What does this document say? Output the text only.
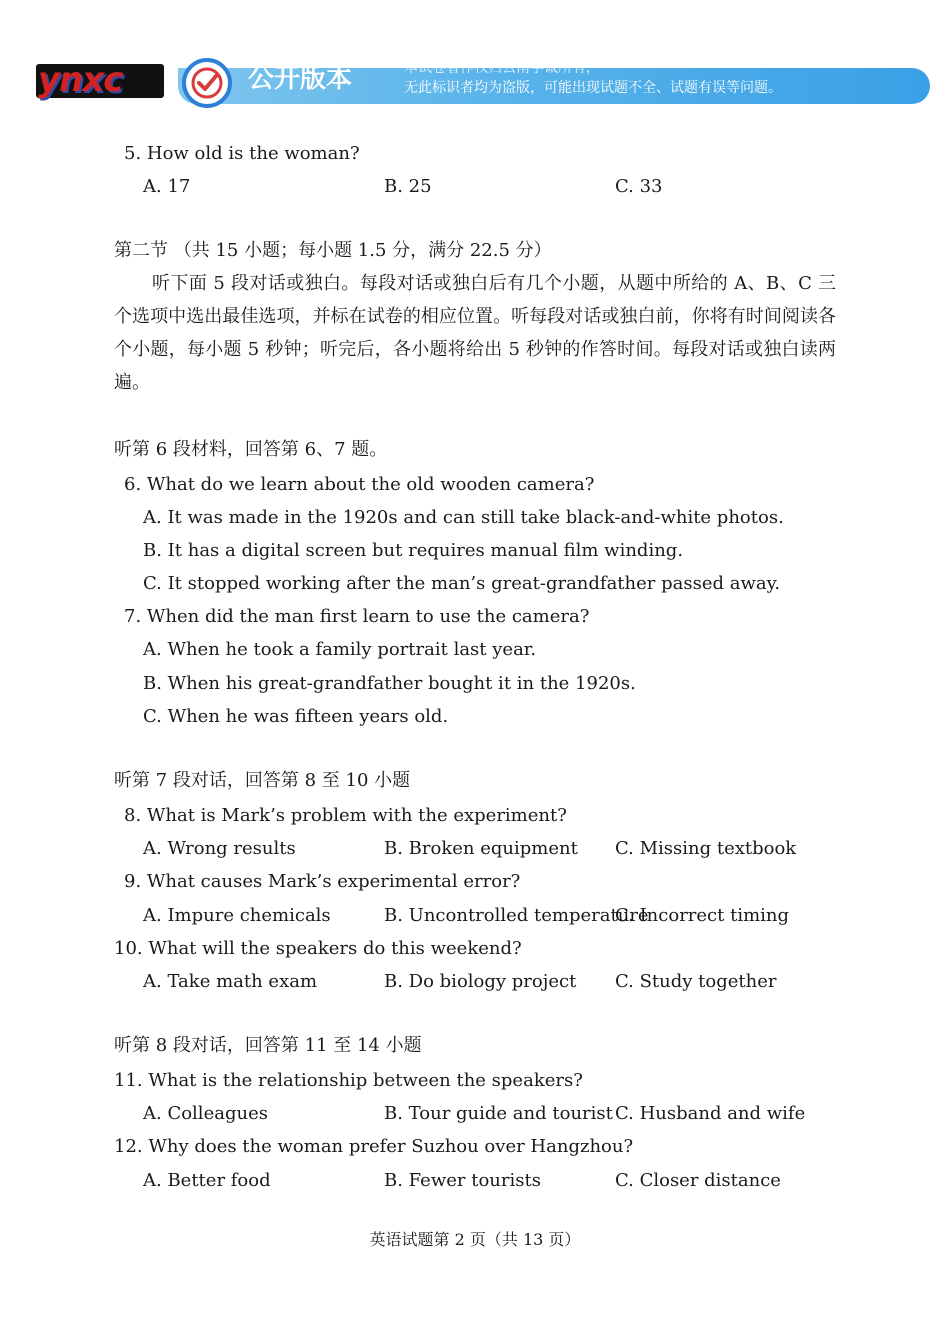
ynxc	公开版本	本试卷著作权归云南学诚所有，
无此标识者均为盗版，可能出现试题不全、试题有误等问题。
5. How old is the woman?
A. 17	B. 25	C. 33
第二节 （共 15 小题；每小题 1.5 分，满分 22.5 分）
听下面 5 段对话或独白。每段对话或独白后有几个小题，从题中所给的 A、B、C 三个选项中选出最佳选项，并标在试卷的相应位置。听每段对话或独白前，你将有时间阅读各个小题，每小题 5 秒钟；听完后，各小题将给出 5 秒钟的作答时间。每段对话或独白读两遍。
听第 6 段材料，回答第 6、7 题。
6. What do we learn about the old wooden camera?
A. It was made in the 1920s and can still take black-and-white photos.
B. It has a digital screen but requires manual film winding.
C. It stopped working after the man’s great-grandfather passed away.
7. When did the man first learn to use the camera?
A. When he took a family portrait last year.
B. When his great-grandfather bought it in the 1920s.
C. When he was fifteen years old.
听第 7 段对话，回答第 8 至 10 小题
8. What is Mark’s problem with the experiment?
A. Wrong results	B. Broken equipment C. Missing textbook
9. What causes Mark’s experimental error?
A. Impure chemicals	B. Uncontrolled temperature
C. Incorrect timing
10. What will the speakers do this weekend?
A. Take math exam	B. Do biology project C. Study together
听第 8 段对话，回答第 11 至 14 小题
11. What is the relationship between the speakers?
A. Colleagues	B. Tour guide and tourist C. Husband and wife
12. Why does the woman prefer Suzhou over Hangzhou?
A. Better food	B. Fewer tourists	C. Closer distance
英语试题第 2 页（共 13 页）
